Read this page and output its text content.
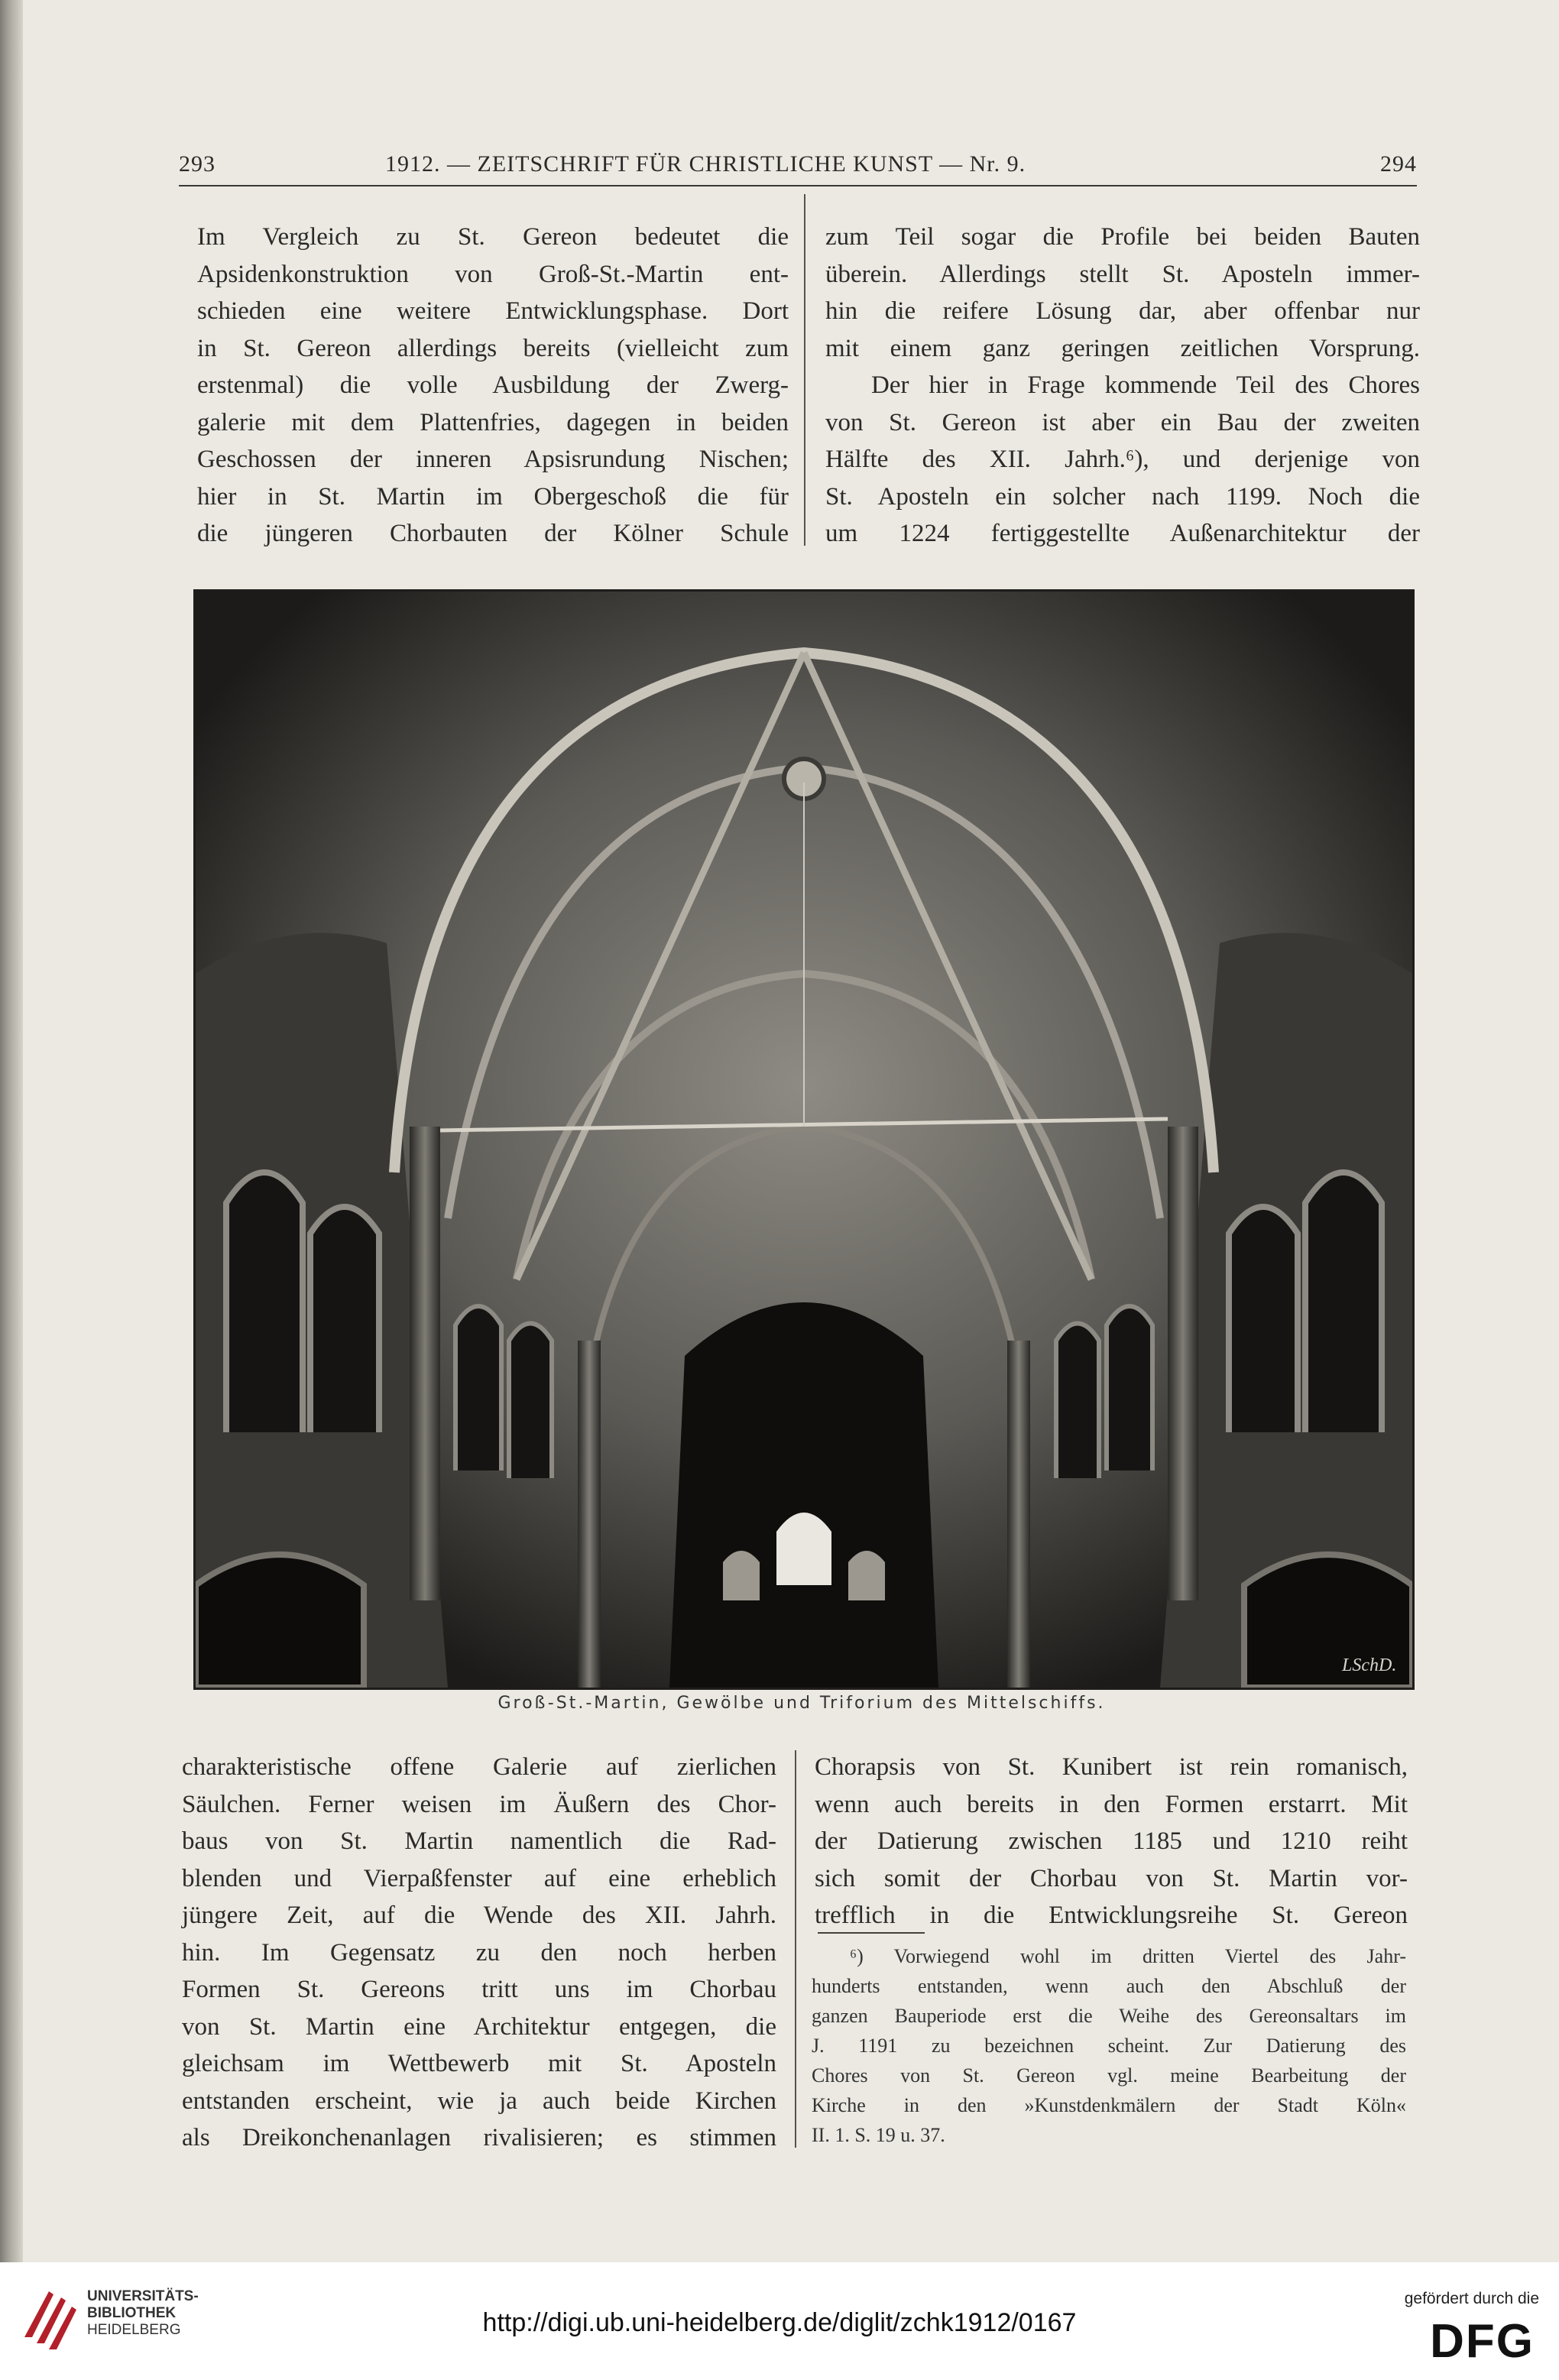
293	1912. — ZEITSCHRIFT FÜR CHRISTLICHE KUNST — Nr. 9.	294

Im Vergleich zu St. Gereon bedeutet die

Apsidenkonstruktion von Groß-St.-Martin ent-

schieden eine weitere Entwicklungsphase. Dort

in St. Gereon allerdings bereits (vielleicht zum

erstenmal) die volle Ausbildung der Zwerg-

galerie mit dem Plattenfries, dagegen in beiden

Geschossen der inneren Apsisrundung Nischen;

hier in St. Martin im Obergeschoß die für

die jüngeren Chorbauten der Kölner Schule

zum Teil sogar die Profile bei beiden Bauten

überein. Allerdings stellt St. Aposteln immer-

hin die reifere Lösung dar, aber offenbar nur

mit einem ganz geringen zeitlichen Vorsprung.

Der hier in Frage kommende Teil des Chores

von St. Gereon ist aber ein Bau der zweiten

Hälfte des XII. Jahrh.⁶), und derjenige von

St. Aposteln ein solcher nach 1199. Noch die

um 1224 fertiggestellte Außenarchitektur der

LSchD.
Groß-St.-Martin, Gewölbe und Triforium des Mittelschiffs.

charakteristische offene Galerie auf zierlichen

Säulchen. Ferner weisen im Äußern des Chor-

baus von St. Martin namentlich die Rad-

blenden und Vierpaßfenster auf eine erheblich

jüngere Zeit, auf die Wende des XII. Jahrh.

hin. Im Gegensatz zu den noch herben

Formen St. Gereons tritt uns im Chorbau

von St. Martin eine Architektur entgegen, die

gleichsam im Wettbewerb mit St. Aposteln

entstanden erscheint, wie ja auch beide Kirchen

als Dreikonchenanlagen rivalisieren; es stimmen

Chorapsis von St. Kunibert ist rein romanisch,

wenn auch bereits in den Formen erstarrt. Mit

der Datierung zwischen 1185 und 1210 reiht

sich somit der Chorbau von St. Martin vor-

trefflich in die Entwicklungsreihe St. Gereon

⁶) Vorwiegend wohl im dritten Viertel des Jahr-
hunderts entstanden, wenn auch den Abschluß der
ganzen Bauperiode erst die Weihe des Gereonsaltars im
J. 1191 zu bezeichnen scheint. Zur Datierung des
Chores von St. Gereon vgl. meine Bearbeitung der
Kirche in den »Kunstdenkmälern der Stadt Köln«
II. 1. S. 19 u. 37.
UNIVERSITÄTS-
BIBLIOTHEK
HEIDELBERG	http://digi.ub.uni-heidelberg.de/diglit/zchk1912/0167
gefördert durch die
DFG
